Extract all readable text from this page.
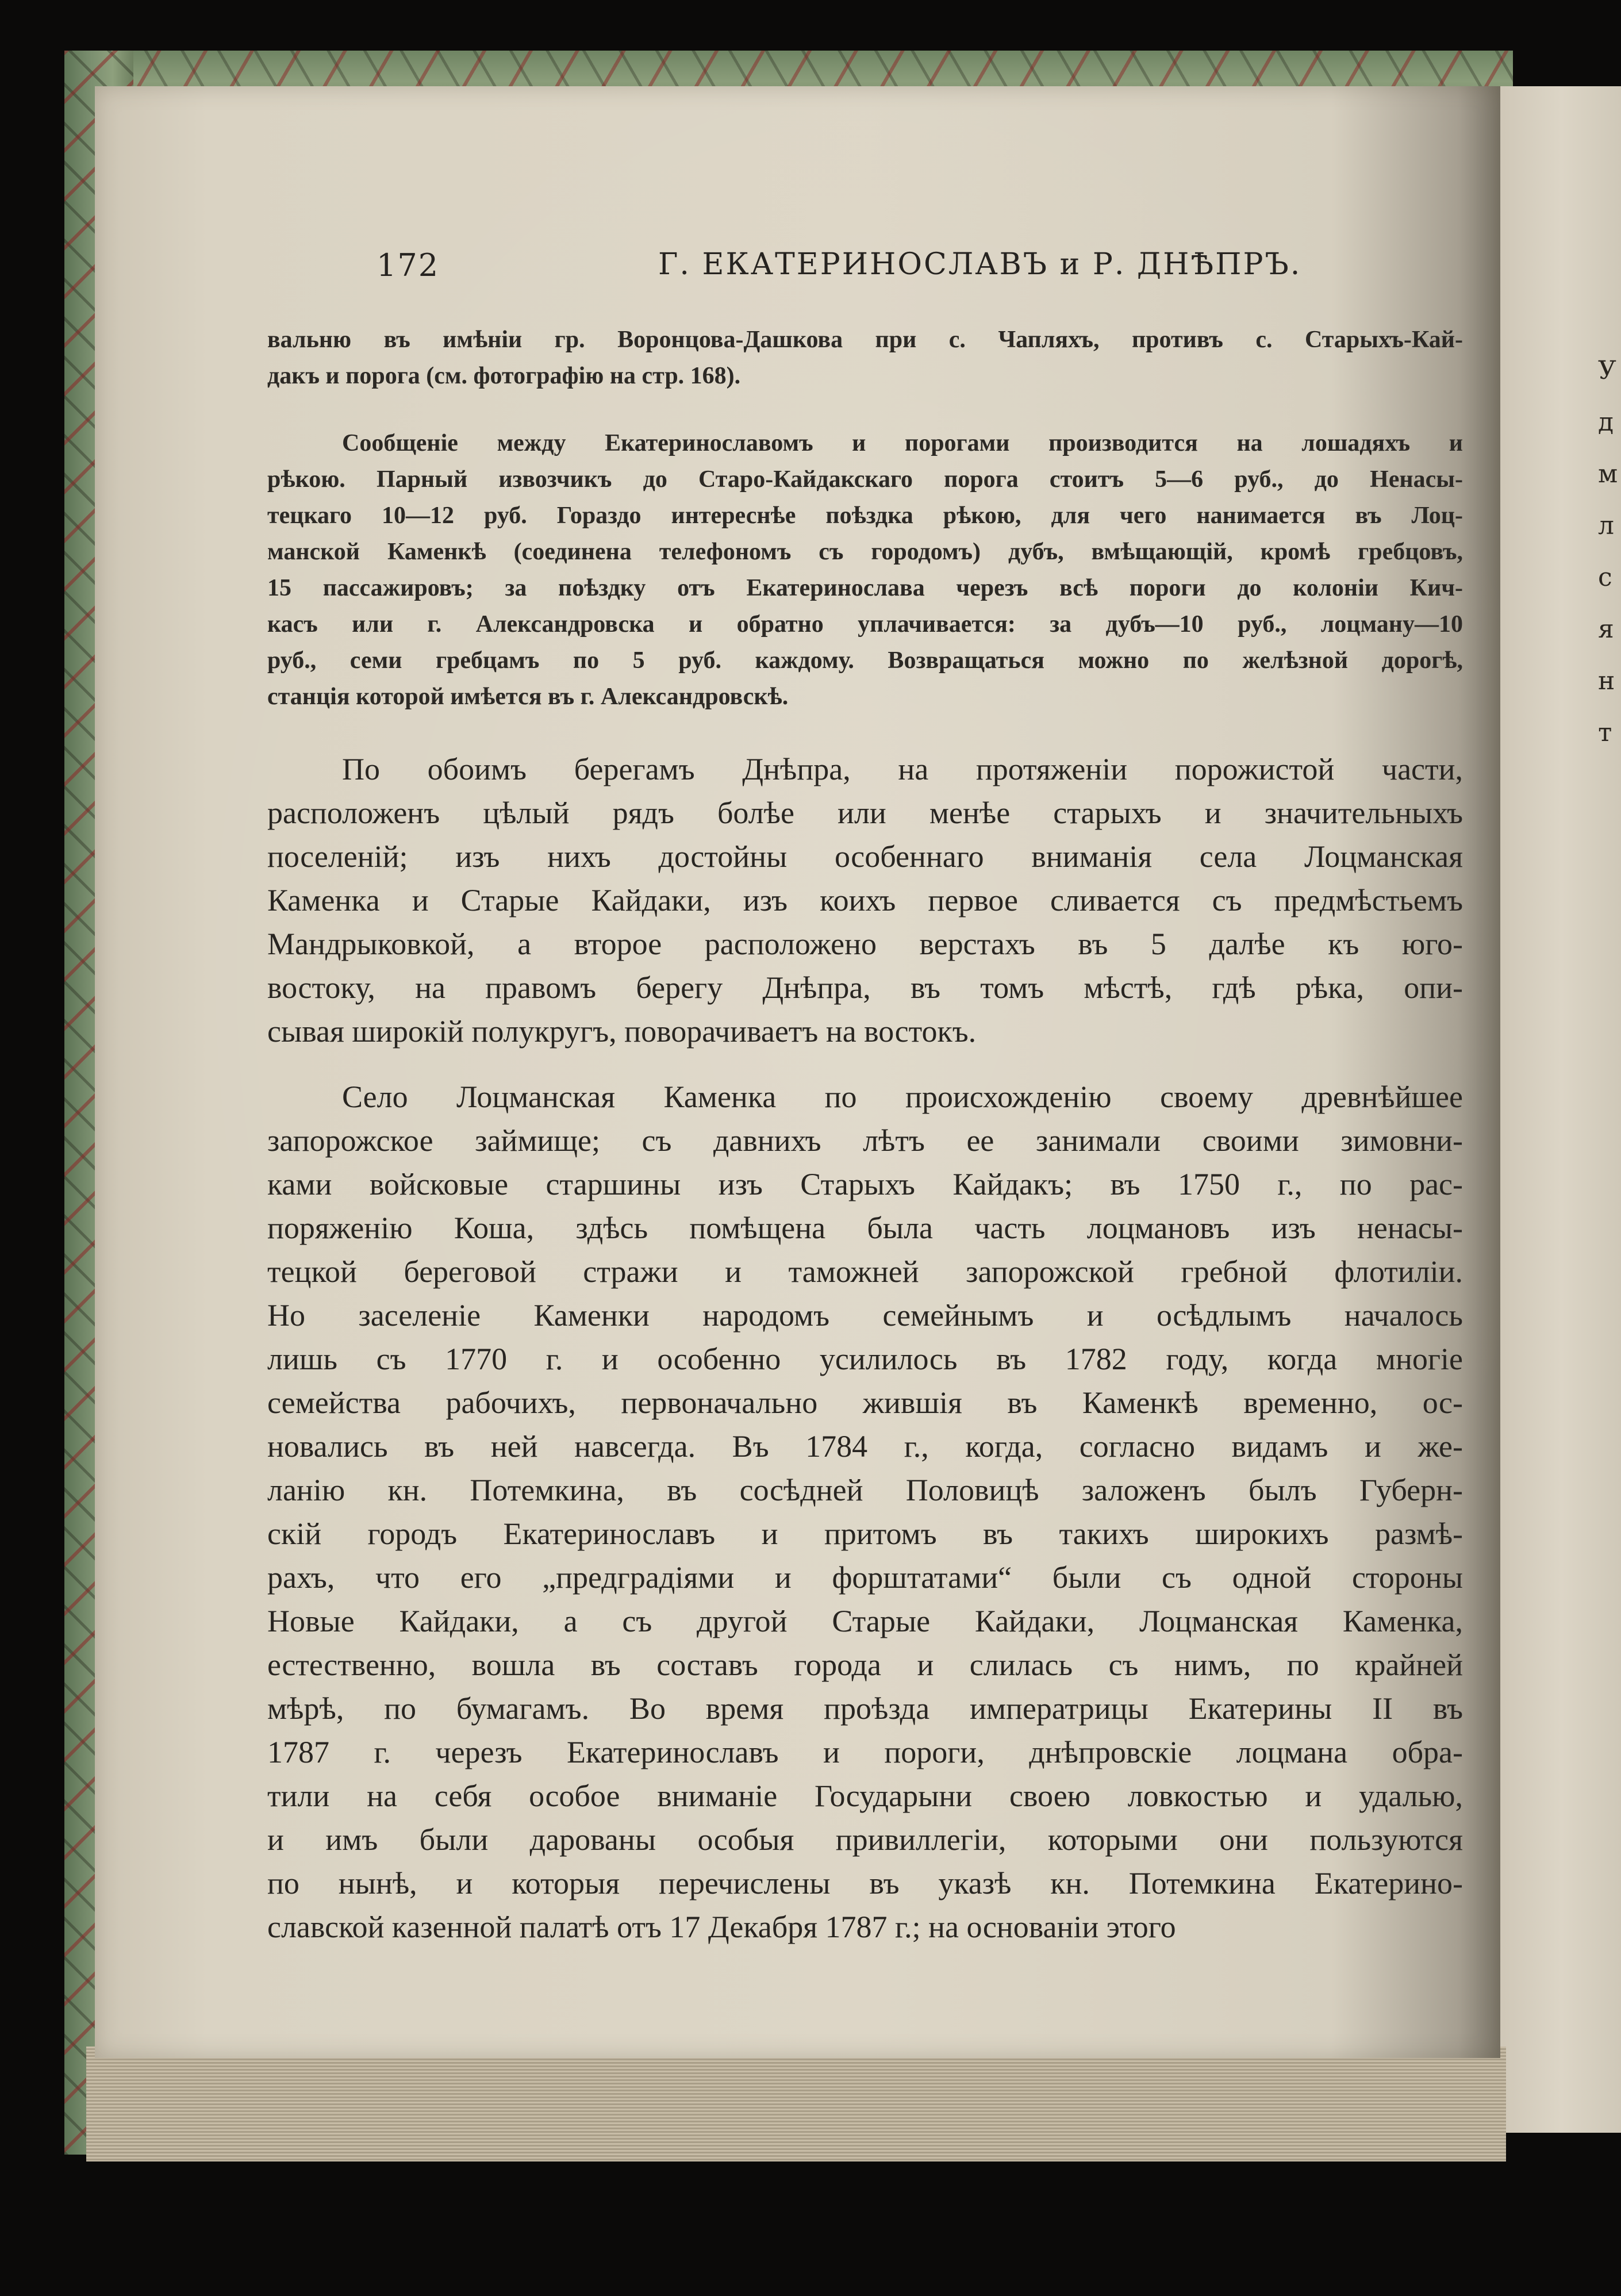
У
д
м
л
с
я
н
т
172	Г. ЕКАТЕРИНОСЛАВЪ и Р. ДНѢПРЪ.
вальню въ имѣніи гр. Воронцова-Дашкова при с. Чапляхъ, противъ с. Старыхъ-Кай-
дакъ и порога (см. фотографію на стр. 168).
Сообщеніе между Екатеринославомъ и порогами производится на лошадяхъ и
рѣкою. Парный извозчикъ до Старо-Кайдакскаго порога стоитъ 5—6 руб., до Ненасы-
тецкаго 10—12 руб. Гораздо интереснѣе поѣздка рѣкою, для чего нанимается въ Лоц-
манской Каменкѣ (соединена телефономъ съ городомъ) дубъ, вмѣщающій, кромѣ гребцовъ,
15 пассажировъ; за поѣздку отъ Екатеринослава черезъ всѣ пороги до колоніи Кич-
касъ или г. Александровска и обратно уплачивается: за дубъ—10 руб., лоцману—10
руб., семи гребцамъ по 5 руб. каждому. Возвращаться можно по желѣзной дорогѣ,
станція которой имѣется въ г. Александровскѣ.
По обоимъ берегамъ Днѣпра, на протяженіи порожистой части,
расположенъ цѣлый рядъ болѣе или менѣе старыхъ и значительныхъ
поселеній; изъ нихъ достойны особеннаго вниманія села Лоцманская
Каменка и Старые Кайдаки, изъ коихъ первое сливается съ предмѣстьемъ
Мандрыковкой, а второе расположено верстахъ въ 5 далѣе къ юго-
востоку, на правомъ берегу Днѣпра, въ томъ мѣстѣ, гдѣ рѣка, опи-
сывая широкій полукругъ, поворачиваетъ на востокъ.
Село Лоцманская Каменка по происхожденію своему древнѣйшее
запорожское займище; съ давнихъ лѣтъ ее занимали своими зимовни-
ками войсковые старшины изъ Старыхъ Кайдакъ; въ 1750 г., по рас-
поряженію Коша, здѣсь помѣщена была часть лоцмановъ изъ ненасы-
тецкой береговой стражи и таможней запорожской гребной флотиліи.
Но заселеніе Каменки народомъ семейнымъ и осѣдлымъ началось
лишь съ 1770 г. и особенно усилилось въ 1782 году, когда многіе
семейства рабочихъ, первоначально жившія въ Каменкѣ временно, ос-
новались въ ней навсегда. Въ 1784 г., когда, согласно видамъ и же-
ланію кн. Потемкина, въ сосѣдней Половицѣ заложенъ былъ Губерн-
скій городъ Екатеринославъ и притомъ въ такихъ широкихъ размѣ-
рахъ, что его „предградіями и форштатами“ были съ одной стороны
Новые Кайдаки, а съ другой Старые Кайдаки, Лоцманская Каменка,
естественно, вошла въ составъ города и слилась съ нимъ, по крайней
мѣрѣ, по бумагамъ. Во время проѣзда императрицы Екатерины II въ
1787 г. черезъ Екатеринославъ и пороги, днѣпровскіе лоцмана обра-
тили на себя особое вниманіе Государыни своею ловкостью и удалью,
и имъ были дарованы особыя привиллегіи, которыми они пользуются
по нынѣ, и которыя перечислены въ указѣ кн. Потемкина Екатерино-
славской казенной палатѣ отъ 17 Декабря 1787 г.; на основаніи этого
